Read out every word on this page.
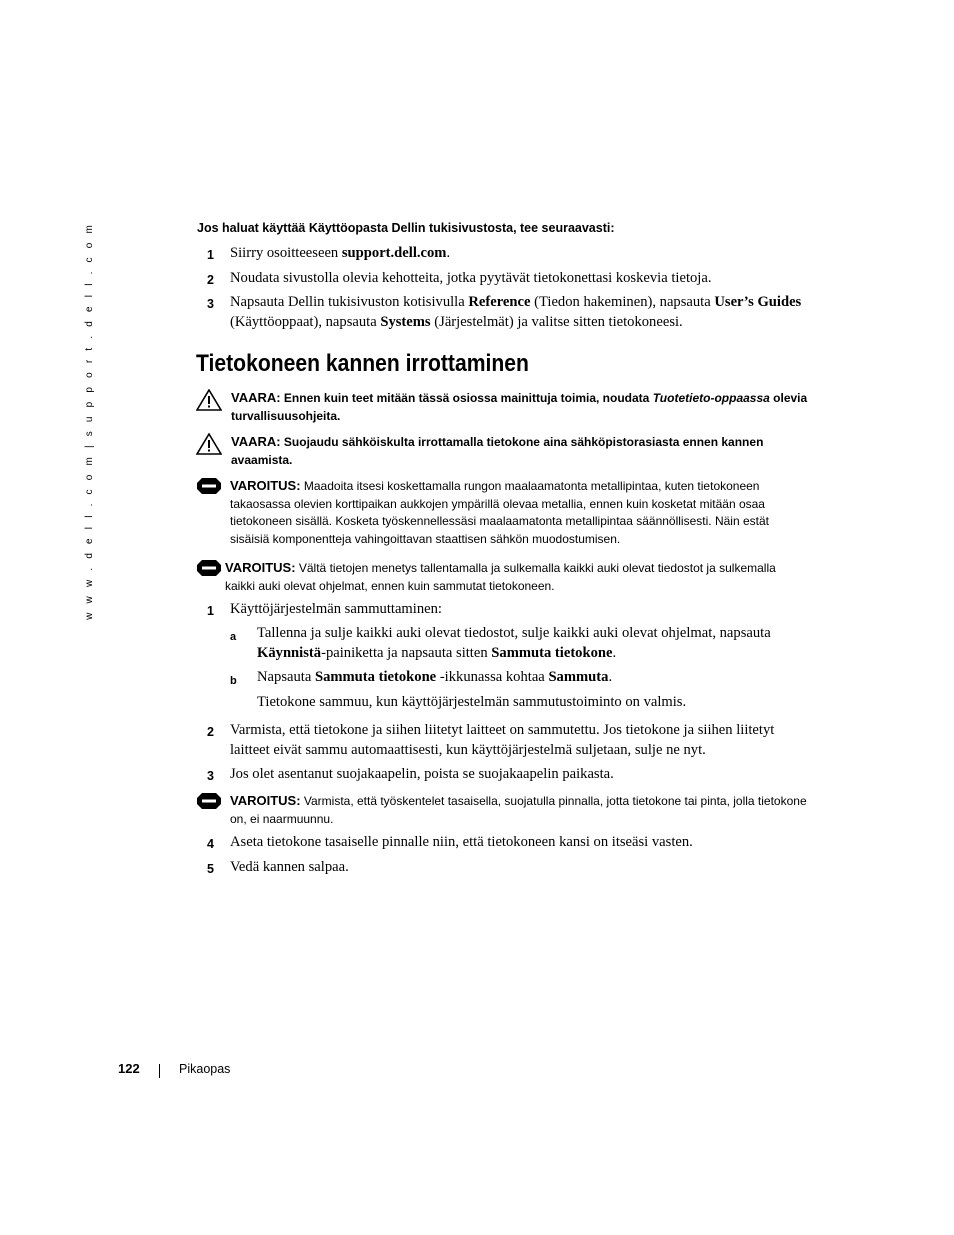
w w w . d e l l . c o m | s u p p o r t . d e l l . c o m	Jos haluat käyttää Käyttöopasta Dellin tukisivustosta, tee seuraavasti:
1 Siirry osoitteeseen support.dell.com.
2 Noudata sivustolla olevia kehotteita, jotka pyytävät tietokonettasi koskevia tietoja.
3 Napsauta Dellin tukisivuston kotisivulla Reference (Tiedon hakeminen), napsauta User’s Guides (Käyttöoppaat), napsauta Systems (Järjestelmät) ja valitse sitten tietokoneesi.
Tietokoneen kannen irrottaminen
VAARA: Ennen kuin teet mitään tässä osiossa mainittuja toimia, noudata Tuotetieto-oppaassa olevia turvallisuusohjeita.
VAARA: Suojaudu sähköiskulta irrottamalla tietokone aina sähköpistorasiasta ennen kannen avaamista.
VAROITUS: Maadoita itsesi koskettamalla rungon maalaamatonta metallipintaa, kuten tietokoneen takaosassa olevien korttipaikan aukkojen ympärillä olevaa metallia, ennen kuin kosketat mitään osaa tietokoneen sisällä. Kosketa työskennellessäsi maalaamatonta metallipintaa säännöllisesti. Näin estät sisäisiä komponentteja vahingoittavan staattisen sähkön muodostumisen.
VAROITUS: Vältä tietojen menetys tallentamalla ja sulkemalla kaikki auki olevat tiedostot ja sulkemalla kaikki auki olevat ohjelmat, ennen kuin sammutat tietokoneen.
1 Käyttöjärjestelmän sammuttaminen:
a Tallenna ja sulje kaikki auki olevat tiedostot, sulje kaikki auki olevat ohjelmat, napsauta Käynnistä-painiketta ja napsauta sitten Sammuta tietokone.
b Napsauta Sammuta tietokone -ikkunassa kohtaa Sammuta.
Tietokone sammuu, kun käyttöjärjestelmän sammutustoiminto on valmis.
2 Varmista, että tietokone ja siihen liitetyt laitteet on sammutettu. Jos tietokone ja siihen liitetyt laitteet eivät sammu automaattisesti, kun käyttöjärjestelmä suljetaan, sulje ne nyt.
3 Jos olet asentanut suojakaapelin, poista se suojakaapelin paikasta.
VAROITUS: Varmista, että työskentelet tasaisella, suojatulla pinnalla, jotta tietokone tai pinta, jolla tietokone on, ei naarmuunnu.
4 Aseta tietokone tasaiselle pinnalle niin, että tietokoneen kansi on itseäsi vasten.
5 Vedä kannen salpaa.
122	Pikaopas
